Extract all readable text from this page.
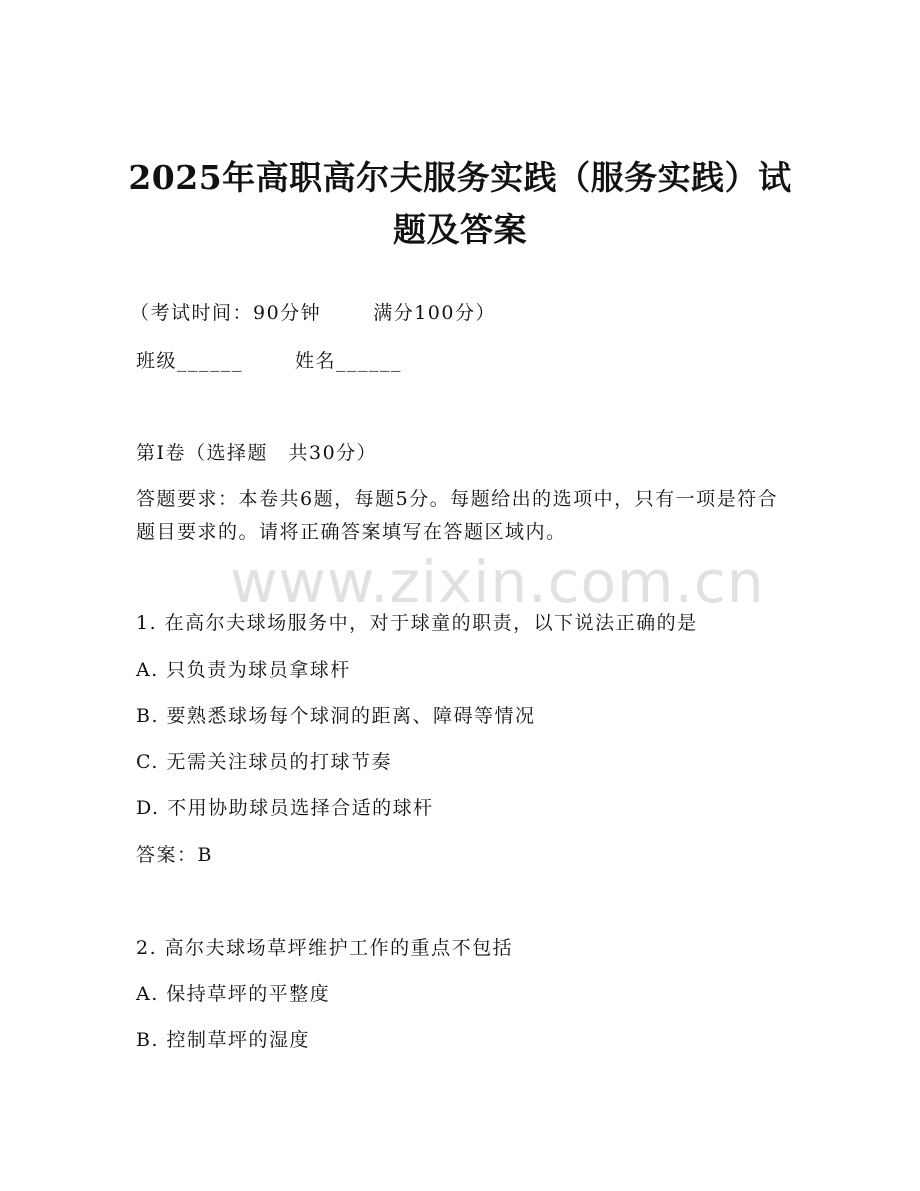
2025年高职高尔夫服务实践（服务实践）试
题及答案
（考试时间：90分钟	满分100分）
班级______	姓名______
第Ⅰ卷（选择题　共30分）
答题要求：本卷共6题，每题5分。每题给出的选项中，只有一项是符合题目要求的。请将正确答案填写在答题区域内。
www.zixin.com.cn
1. 在高尔夫球场服务中，对于球童的职责，以下说法正确的是
A. 只负责为球员拿球杆
B. 要熟悉球场每个球洞的距离、障碍等情况
C. 无需关注球员的打球节奏
D. 不用协助球员选择合适的球杆
答案：B
2. 高尔夫球场草坪维护工作的重点不包括
A. 保持草坪的平整度
B. 控制草坪的湿度
